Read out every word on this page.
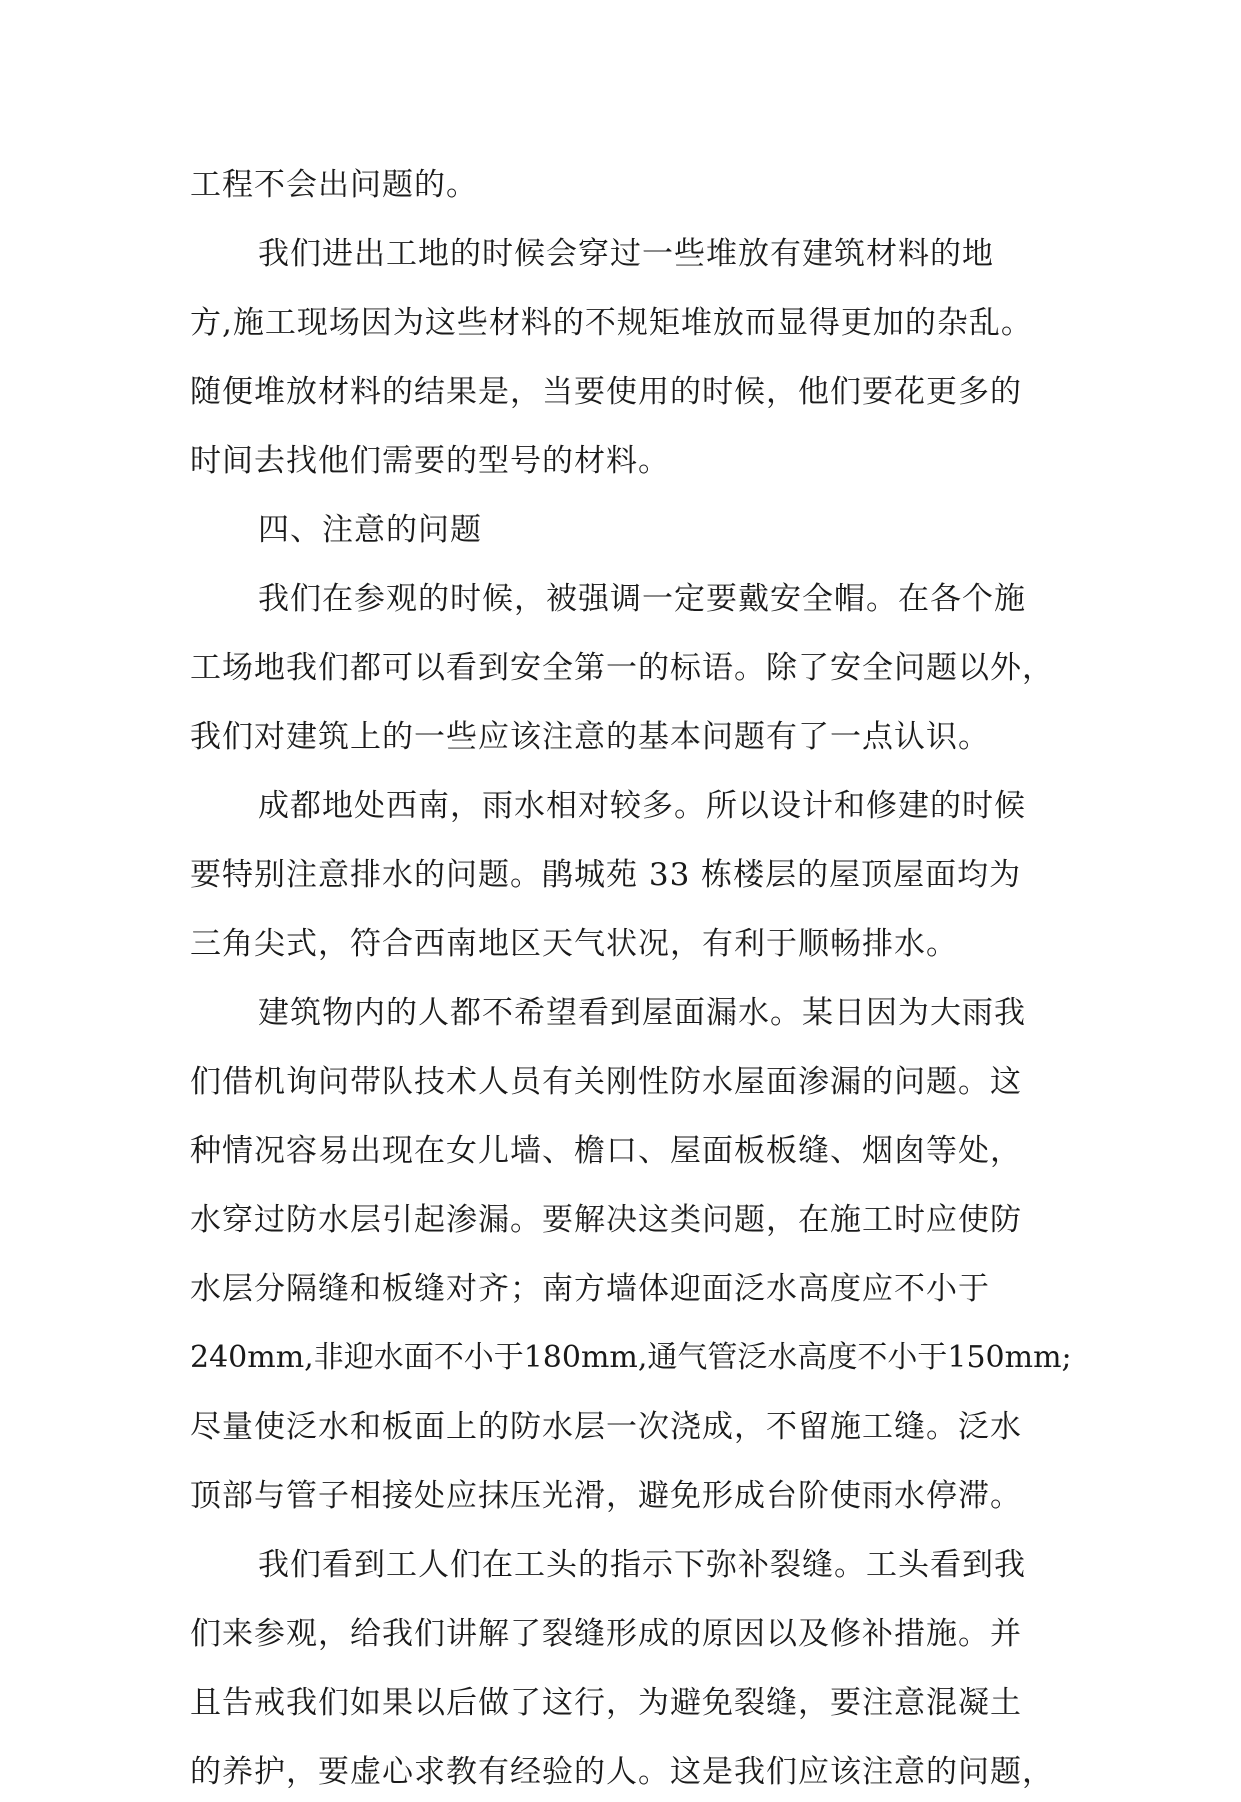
工程不会出问题的。
我们进出工地的时候会穿过一些堆放有建筑材料的地
方,施工现场因为这些材料的不规矩堆放而显得更加的杂乱。
随便堆放材料的结果是，当要使用的时候，他们要花更多的
时间去找他们需要的型号的材料。
四、注意的问题
我们在参观的时候，被强调一定要戴安全帽。在各个施
工场地我们都可以看到安全第一的标语。除了安全问题以外，
我们对建筑上的一些应该注意的基本问题有了一点认识。
成都地处西南，雨水相对较多。所以设计和修建的时候
要特别注意排水的问题。鹃城苑 33 栋楼层的屋顶屋面均为
三角尖式，符合西南地区天气状况，有利于顺畅排水。
建筑物内的人都不希望看到屋面漏水。某日因为大雨我
们借机询问带队技术人员有关刚性防水屋面渗漏的问题。这
种情况容易出现在女儿墙、檐口、屋面板板缝、烟囱等处，
水穿过防水层引起渗漏。要解决这类问题，在施工时应使防
水层分隔缝和板缝对齐；南方墙体迎面泛水高度应不小于
240mm,非迎水面不小于180mm,通气管泛水高度不小于150mm;
尽量使泛水和板面上的防水层一次浇成，不留施工缝。泛水
顶部与管子相接处应抹压光滑，避免形成台阶使雨水停滞。
我们看到工人们在工头的指示下弥补裂缝。工头看到我
们来参观，给我们讲解了裂缝形成的原因以及修补措施。并
且告戒我们如果以后做了这行，为避免裂缝，要注意混凝土
的养护，要虚心求教有经验的人。这是我们应该注意的问题，
